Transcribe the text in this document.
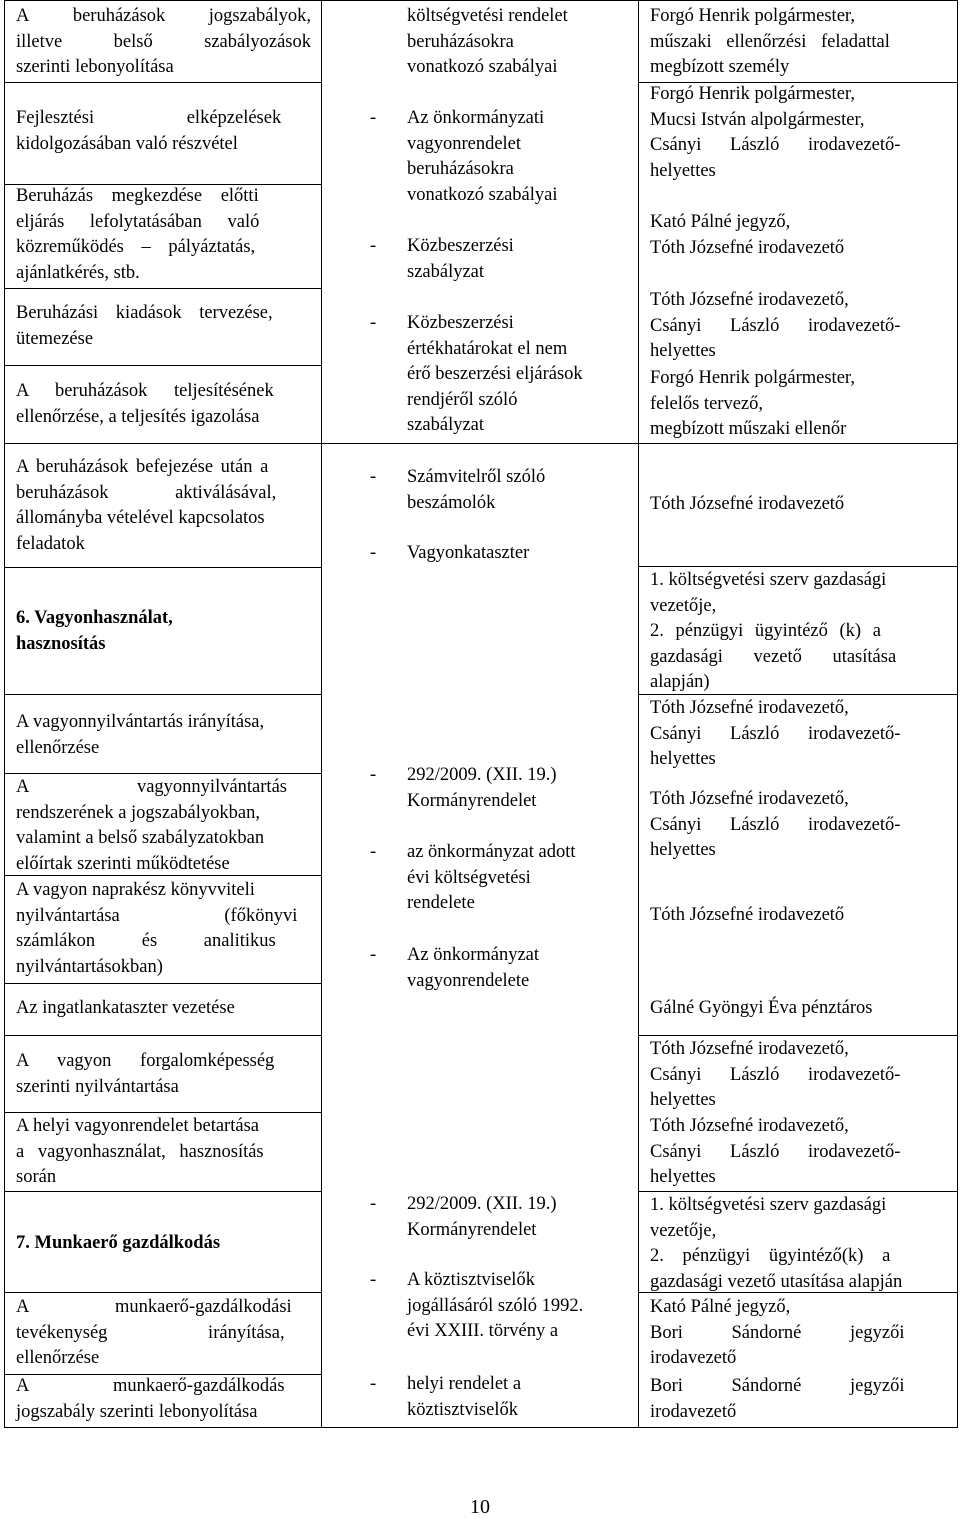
A beruházások jogszabályok,
illetve	belső	szabályozások
szerinti lebonyolítása
Fejlesztési elképzelések
kidolgozásában való részvétel
Beruházás megkezdése előtti
eljárás lefolytatásában való
közreműködés – pályáztatás,
ajánlatkérés, stb.
Beruházási kiadások tervezése,
ütemezése
A beruházások teljesítésének
ellenőrzése, a teljesítés igazolása
A beruházások befejezése után a
beruházások aktiválásával,
állományba vételével kapcsolatos
feladatok
6. Vagyonhasználat,
hasznosítás
A vagyonnyilvántartás irányítása,
ellenőrzése
A vagyonnyilvántartás
rendszerének a jogszabályokban,
valamint a belső szabályzatokban
előírtak szerinti működtetése
A vagyon naprakész könyvviteli
nyilvántartása (főkönyvi
számlákon és analitikus
nyilvántartásokban)
Az ingatlankataszter vezetése
A vagyon forgalomképesség
szerinti nyilvántartása
A helyi vagyonrendelet betartása
a vagyonhasználat, hasznosítás
során
7. Munkaerő gazdálkodás
A munkaerő-gazdálkodási
tevékenység irányítása,
ellenőrzése
A munkaerő-gazdálkodás
jogszabály szerinti lebonyolítása
költségvetési rendelet
beruházásokra
vonatkozó szabályai
- Az önkormányzati
vagyonrendelet
beruházásokra
vonatkozó szabályai
- Közbeszerzési
szabályzat
- Közbeszerzési
értékhatárokat el nem
érő beszerzési eljárások
rendjéről szóló
szabályzat
- Számvitelről szóló
beszámolók
- Vagyonkataszter
- 292/2009. (XII. 19.)
Kormányrendelet
- az önkormányzat adott
évi költségvetési
rendelete
- Az önkormányzat
vagyonrendelete
- 292/2009. (XII. 19.)
Kormányrendelet
- A köztisztviselők
jogállásáról szóló 1992.
évi XXIII. törvény a
- helyi rendelet a
köztisztviselők
Forgó Henrik polgármester,
műszaki ellenőrzési feladattal
megbízott személy
Forgó Henrik polgármester,
Mucsi István alpolgármester,
Csányi László irodavezető-
helyettes
Kató Pálné jegyző,
Tóth Józsefné irodavezető
Tóth Józsefné irodavezető,
Csányi László irodavezető-
helyettes
Forgó Henrik polgármester,
felelős tervező,
megbízott műszaki ellenőr
Tóth Józsefné irodavezető
1. költségvetési szerv gazdasági
vezetője,
2. pénzügyi ügyintéző (k) a
gazdasági vezető utasítása
alapján)
Tóth Józsefné irodavezető,
Csányi László irodavezető-
helyettes
Tóth Józsefné irodavezető,
Csányi László irodavezető-
helyettes
Tóth Józsefné irodavezető
Gálné Gyöngyi Éva pénztáros
Tóth Józsefné irodavezető,
Csányi László irodavezető-
helyettes
Tóth Józsefné irodavezető,
Csányi László irodavezető-
helyettes
1. költségvetési szerv gazdasági
vezetője,
2. pénzügyi ügyintéző(k) a
gazdasági vezető utasítása alapján
Kató Pálné jegyző,
Bori Sándorné jegyzői
irodavezető
Bori Sándorné jegyzői
irodavezető
10
